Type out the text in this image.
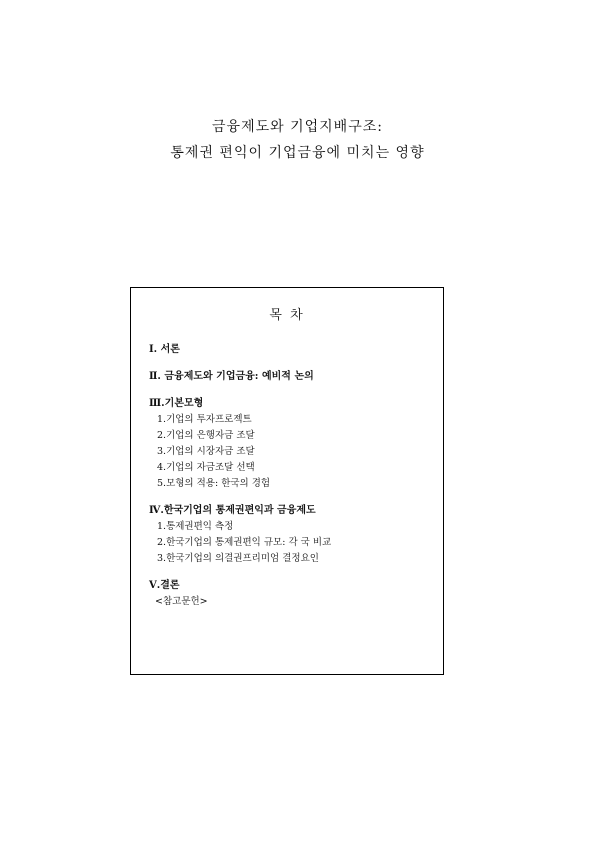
금융제도와 기업지배구조:
통제권 편익이 기업금융에 미치는 영향
목 차
Ⅰ. 서론
Ⅱ. 금융제도와 기업금융: 예비적 논의
Ⅲ.기본모형
1.기업의 투자프로젝트
2.기업의 은행자금 조달
3.기업의 시장자금 조달
4.기업의 자금조달 선택
5.모형의 적용: 한국의 경험
Ⅳ.한국기업의 통제권편익과 금융제도
1.통제권편익 측정
2.한국기업의 통제권편익 규모: 각 국 비교
3.한국기업의 의결권프리미엄 결정요인
Ⅴ.결론
<참고문헌>
